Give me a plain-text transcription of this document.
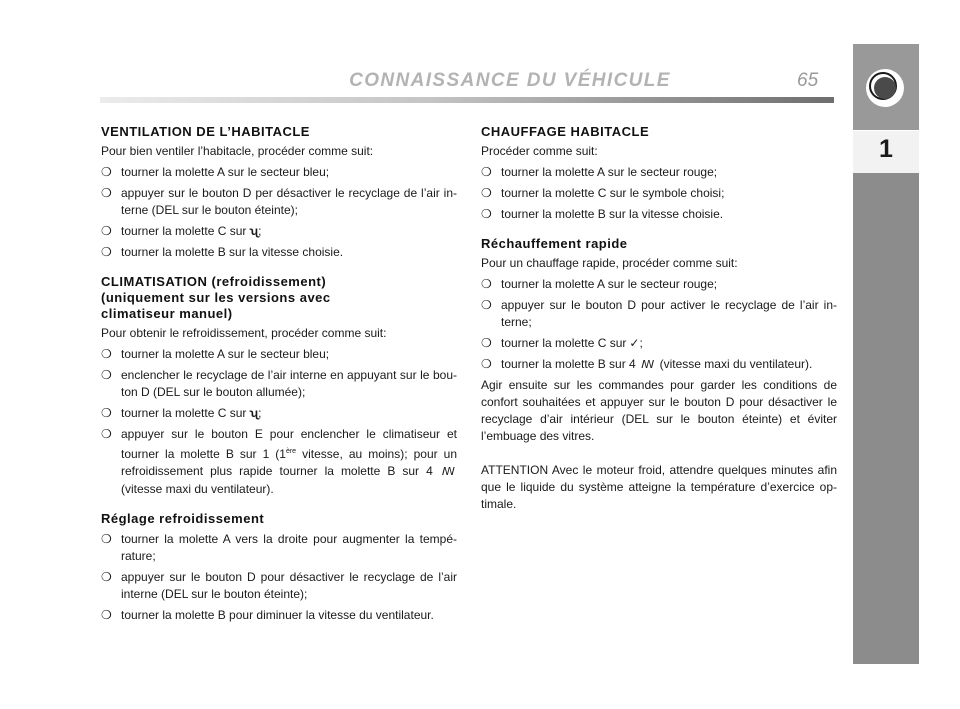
CONNAISSANCE DU VÉHICULE	65
1
VENTILATION DE L’HABITACLE

Pour bien ventiler l’habitacle, procéder comme suit:

❍ tourner la molette A sur le secteur bleu;
❍ appuyer sur le bouton D per désactiver le recyclage de l’air interne (DEL sur le bouton éteinte);
❍ tourner la molette C sur ʯ;
❍ tourner la molette B sur la vitesse choisie.
CLIMATISATION (refroidissement)
(uniquement sur les versions avec
climatiseur manuel)

Pour obtenir le refroidissement, procéder comme suit:

❍ tourner la molette A sur le secteur bleu;
❍ enclencher le recyclage de l’air interne en appuyant sur le bouton D (DEL sur le bouton allumée);
❍ tourner la molette C sur ʯ;
❍ appuyer sur le bouton E pour enclencher le climatiseur et tourner la molette B sur 1 (1ère vitesse, au moins); pour un refroidissement plus rapide tourner la molette B sur 4 ꟿ (vitesse maxi du ventilateur).
Réglage refroidissement
❍ tourner la molette A vers la droite pour augmenter la température;
❍ appuyer sur le bouton D pour désactiver le recyclage de l’air interne (DEL sur le bouton éteinte);
❍ tourner la molette B pour diminuer la vitesse du ventilateur.
CHAUFFAGE HABITACLE

Procéder comme suit:

❍ tourner la molette A sur le secteur rouge;
❍ tourner la molette C sur le symbole choisi;
❍ tourner la molette B sur la vitesse choisie.
Réchauffement rapide

Pour un chauffage rapide, procéder comme suit:

❍ tourner la molette A sur le secteur rouge;
❍ appuyer sur le bouton D pour activer le recyclage de l’air interne;
❍ tourner la molette C sur ✓;
❍ tourner la molette B sur 4 ꟿ (vitesse maxi du ventilateur).

Agir ensuite sur les commandes pour garder les conditions de confort souhaitées et appuyer sur le bouton D pour désactiver le recyclage d’air intérieur (DEL sur le bouton éteinte) et éviter l’embuage des vitres.

ATTENTION Avec le moteur froid, attendre quelques minutes afin que le liquide du système atteigne la température d’exercice optimale.
